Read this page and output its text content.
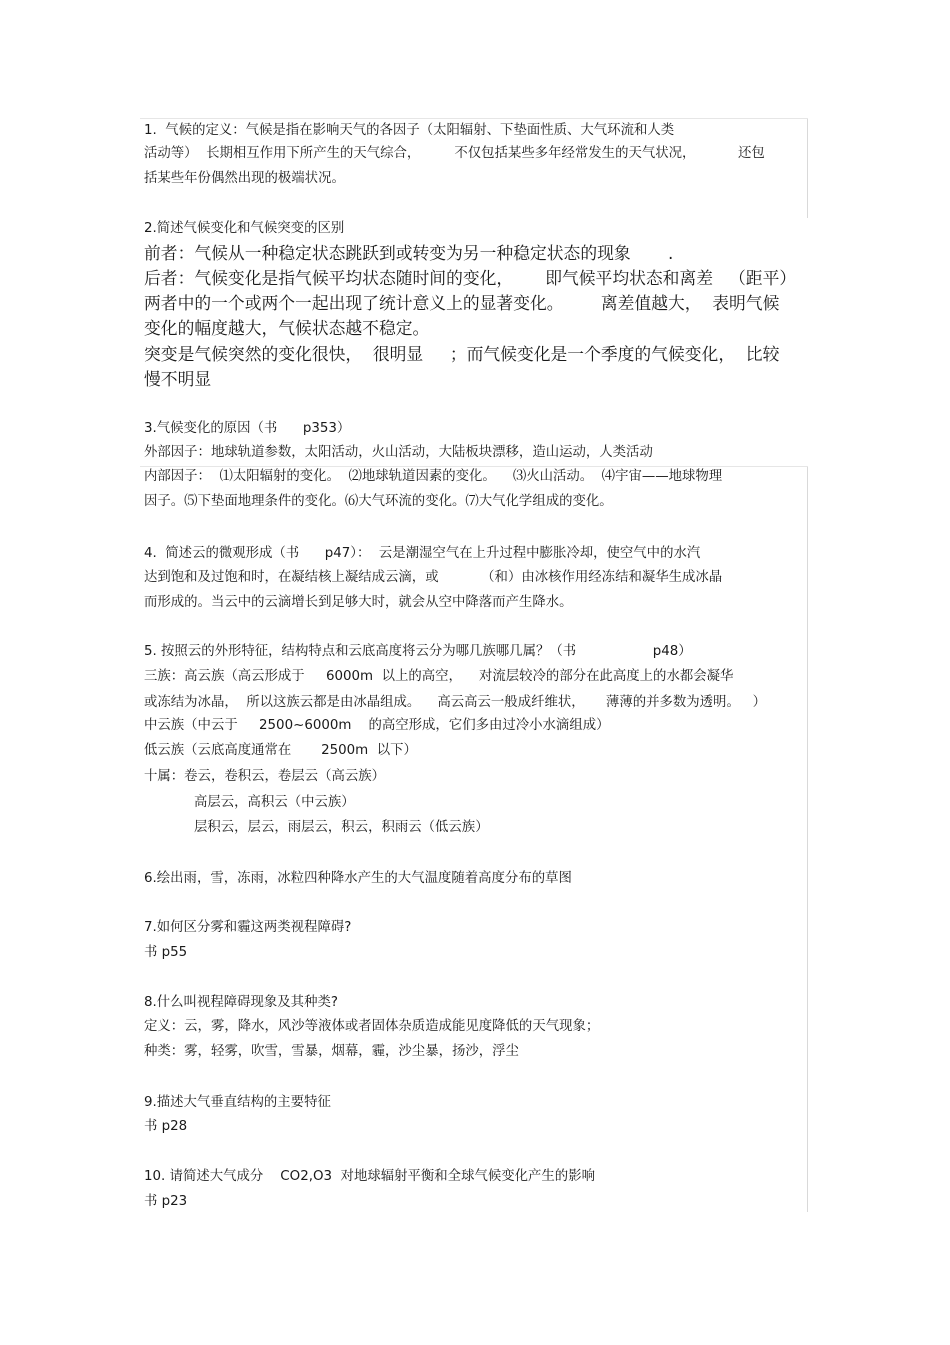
1.  气候的定义：气候是指在影响天气的各因子（太阳辐射、下垫面性质、大气环流和人类
活动等）  长期相互作用下所产生的天气综合，        不仅包括某些多年经常发生的天气状况，          还包
括某些年份偶然出现的极端状况。
2.简述气候变化和气候突变的区别
前者：气候从一种稳定状态跳跃到或转变为另一种稳定状态的现象       .
后者：气候变化是指气候平均状态随时间的变化，      即气候平均状态和离差   （距平）
两者中的一个或两个一起出现了统计意义上的显著变化。       离差值越大，  表明气候
变化的幅度越大，气候状态越不稳定。
突变是气候突然的变化很快，  很明显     ；而气候变化是一个季度的气候变化，  比较
慢不明显
3.气候变化的原因（书      p353）
外部因子：地球轨道参数，太阳活动，火山活动，大陆板块漂移，造山运动，人类活动
内部因子：  ⑴太阳辐射的变化。  ⑵地球轨道因素的变化。    ⑶火山活动。  ⑷宇宙——地球物理
因子。⑸下垫面地理条件的变化。⑹大气环流的变化。⑺大气化学组成的变化。
4.  简述云的微观形成（书      p47）：  云是潮湿空气在上升过程中膨胀冷却，使空气中的水汽
达到饱和及过饱和时，在凝结核上凝结成云滴，或          （和）由冰核作用经冻结和凝华生成冰晶
而形成的。当云中的云滴增长到足够大时，就会从空中降落而产生降水。
5. 按照云的外形特征，结构特点和云底高度将云分为哪几族哪几属？（书                  p48）
三族：高云族（高云形成于     6000m  以上的高空，    对流层较冷的部分在此高度上的水都会凝华
或冻结为冰晶，  所以这族云都是由冰晶组成。    高云高云一般成纤维状，     薄薄的并多数为透明。   ）
中云族（中云于     2500~6000m    的高空形成，它们多由过冷小水滴组成）
低云族（云底高度通常在       2500m  以下）
十属：卷云，卷积云，卷层云（高云族）
高层云，高积云（中云族）
层积云，层云，雨层云，积云，积雨云（低云族）
6.绘出雨，雪，冻雨，冰粒四种降水产生的大气温度随着高度分布的草图
7.如何区分雾和霾这两类视程障碍?
书 p55
8.什么叫视程障碍现象及其种类?
定义：云，雾，降水，风沙等液体或者固体杂质造成能见度降低的天气现象；
种类：雾，轻雾，吹雪，雪暴，烟幕，霾，沙尘暴，扬沙，浮尘
9.描述大气垂直结构的主要特征
书 p28
10. 请简述大气成分    CO2,O3  对地球辐射平衡和全球气候变化产生的影响
书 p23
